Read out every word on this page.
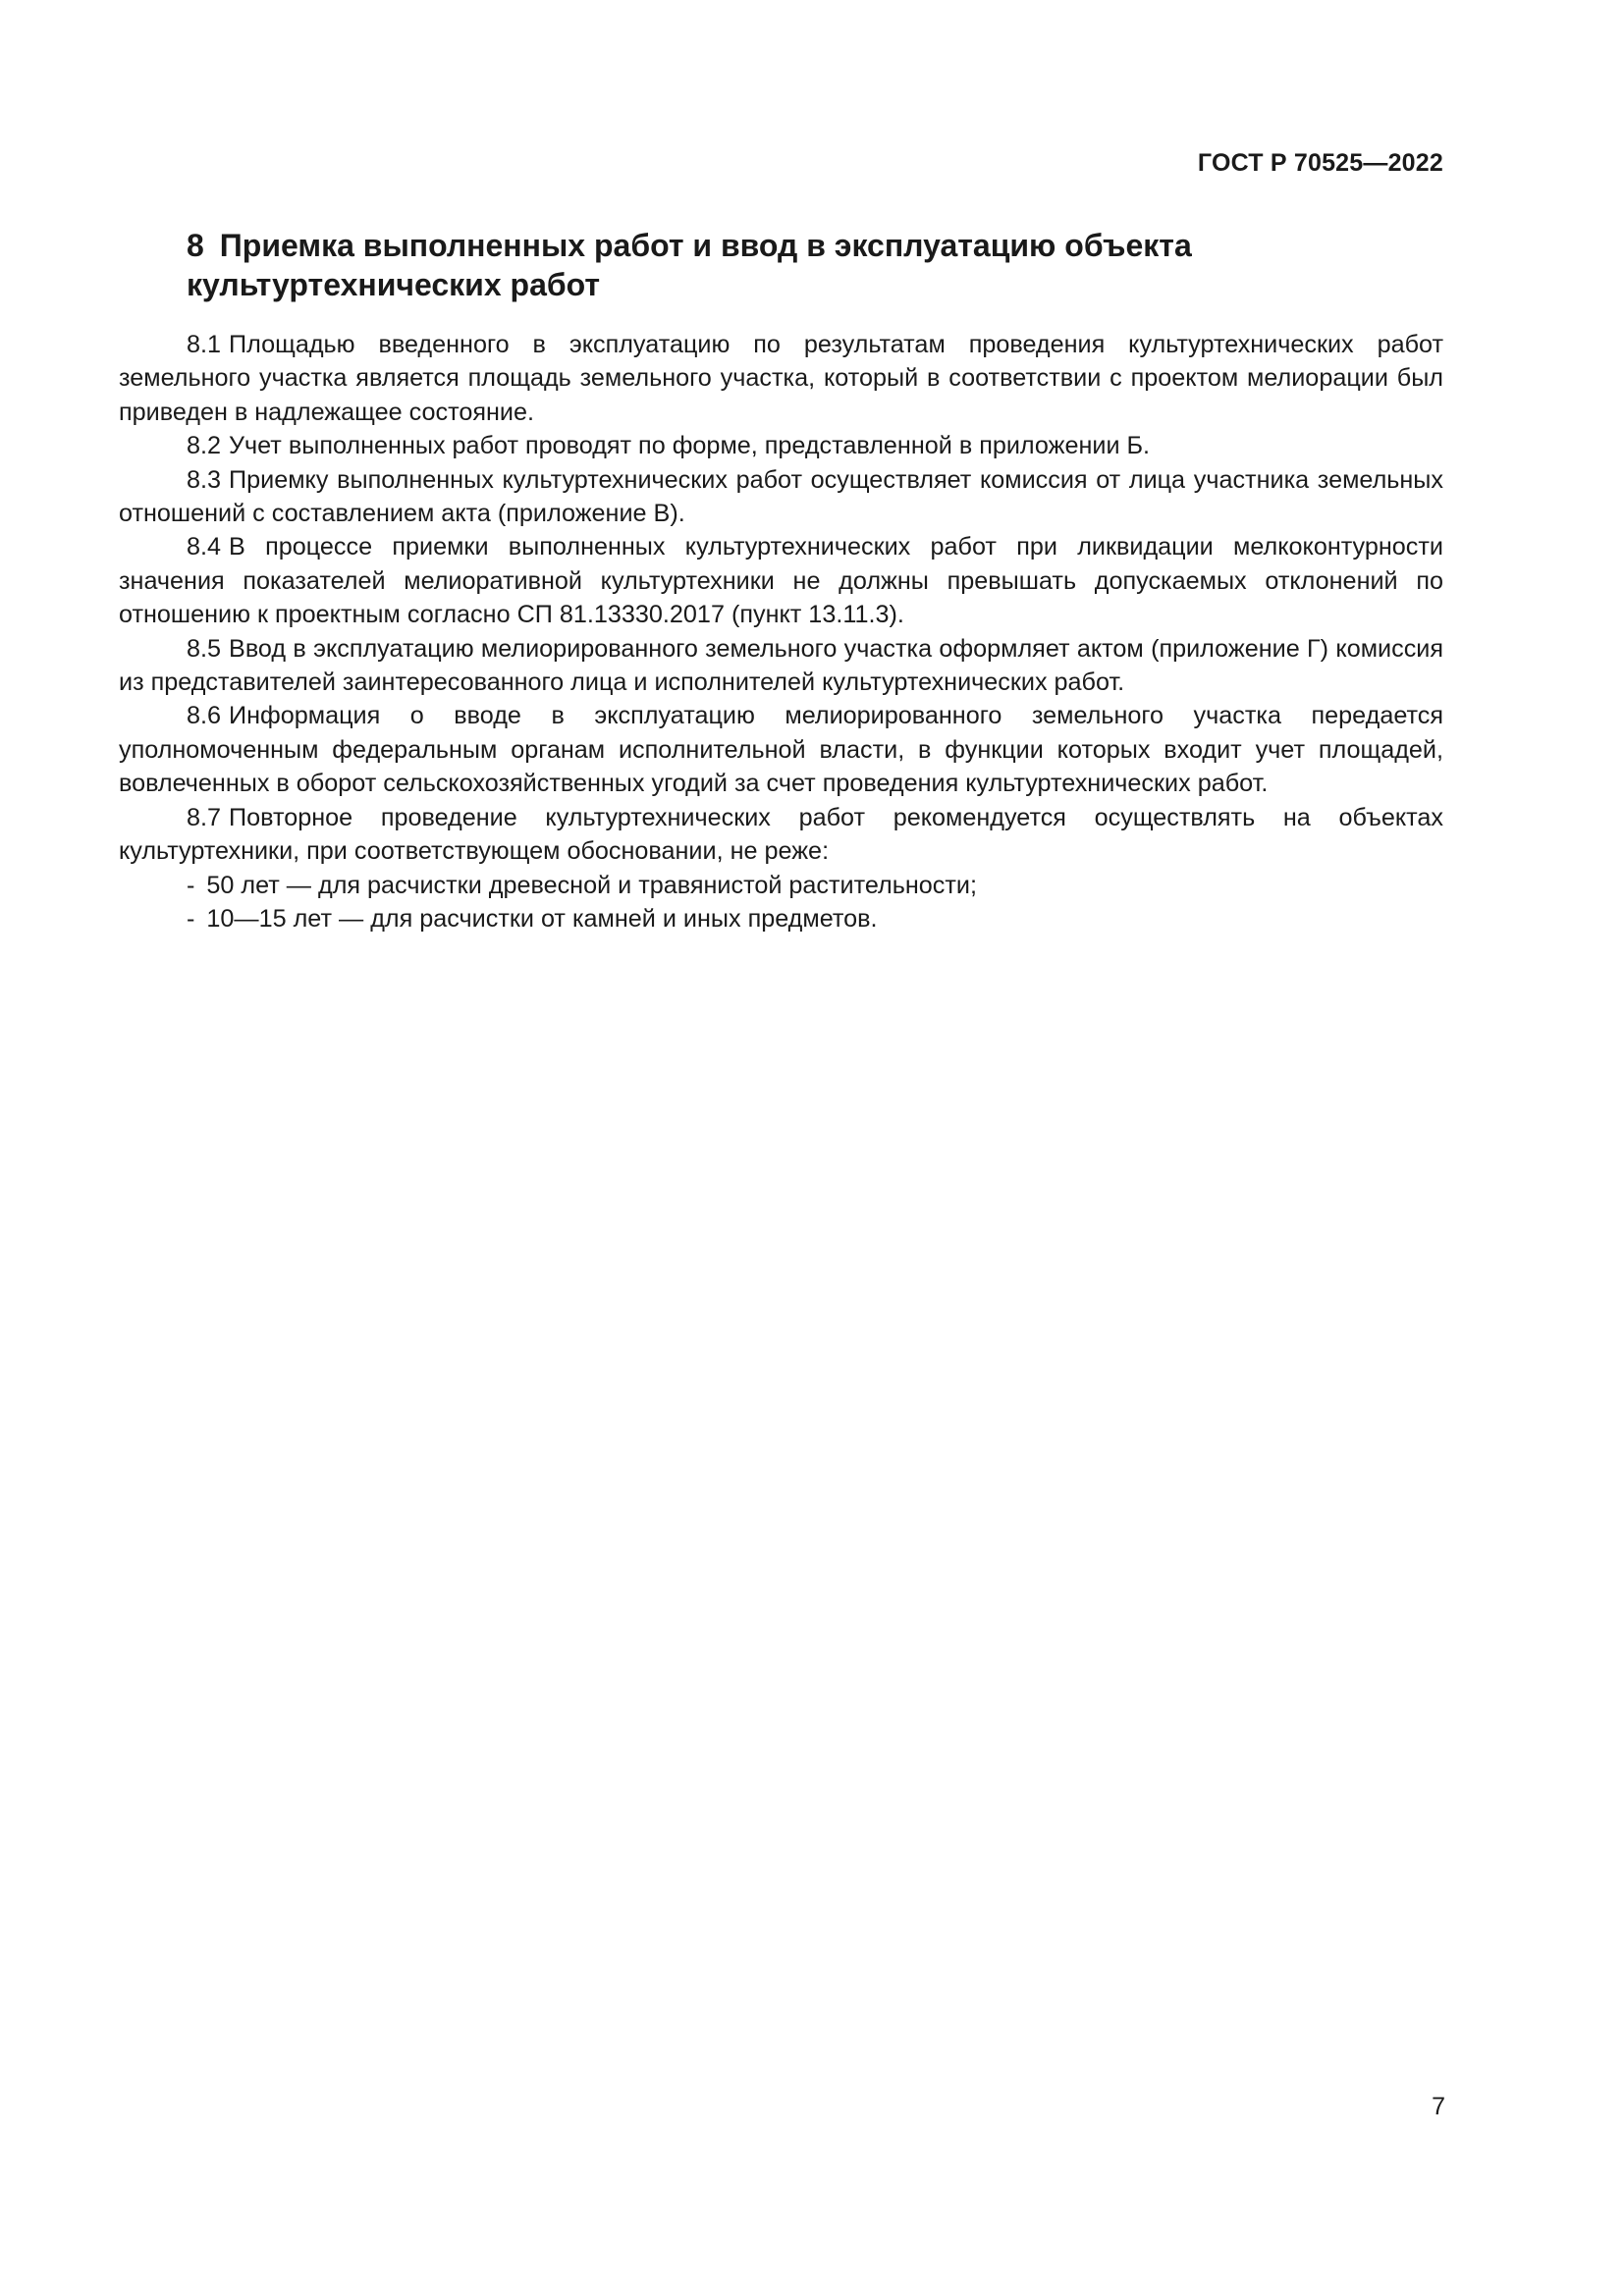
ГОСТ Р 70525—2022
8 Приемка выполненных работ и ввод в эксплуатацию объекта
культуртехнических работ

8.1 Площадью введенного в эксплуатацию по результатам проведения культуртехнических работ земельного участка является площадь земельного участка, который в соответствии с проектом мелиорации был приведен в надлежащее состояние.

8.2 Учет выполненных работ проводят по форме, представленной в приложении Б.

8.3 Приемку выполненных культуртехнических работ осуществляет комиссия от лица участника земельных отношений с составлением акта (приложение В).

8.4 В процессе приемки выполненных культуртехнических работ при ликвидации мелкоконтурности значения показателей мелиоративной культуртехники не должны превышать допускаемых отклонений по отношению к проектным согласно СП 81.13330.2017 (пункт 13.11.3).

8.5 Ввод в эксплуатацию мелиорированного земельного участка оформляет актом (приложение Г) комиссия из представителей заинтересованного лица и исполнителей культуртехнических работ.

8.6 Информация о вводе в эксплуатацию мелиорированного земельного участка передается уполномоченным федеральным органам исполнительной власти, в функции которых входит учет площадей, вовлеченных в оборот сельскохозяйственных угодий за счет проведения культуртехнических работ.

8.7 Повторное проведение культуртехнических работ рекомендуется осуществлять на объектах культуртехники, при соответствующем обосновании, не реже:

- 50 лет — для расчистки древесной и травянистой растительности;

- 10—15 лет — для расчистки от камней и иных предметов.

7
